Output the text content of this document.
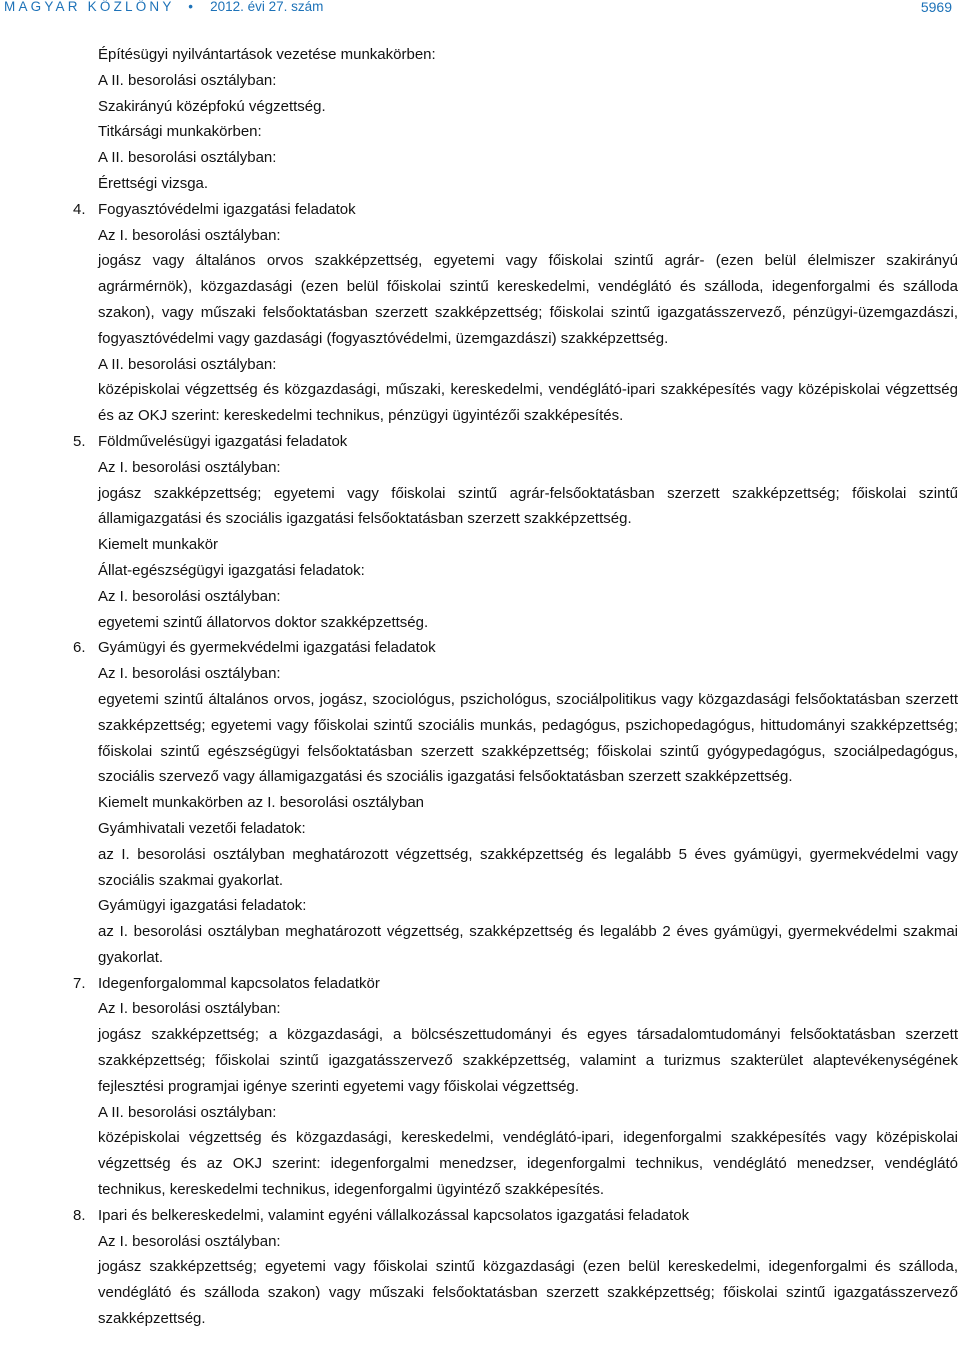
MAGYAR KÖZLÖNY  •  2012. évi 27. szám	5969

Építésügyi nyilvántartások vezetése munkakörben:

A II. besorolási osztályban:

Szakirányú középfokú végzettség.

Titkársági munkakörben:

A II. besorolási osztályban:

Érettségi vizsga.

4. Fogyasztóvédelmi igazgatási feladatok

Az I. besorolási osztályban:

jogász vagy általános orvos szakképzettség, egyetemi vagy főiskolai szintű agrár- (ezen belül élelmiszer szakirányú agrármérnök), közgazdasági (ezen belül főiskolai szintű kereskedelmi, vendéglátó és szálloda, idegenforgalmi és szálloda szakon), vagy műszaki felsőoktatásban szerzett szakképzettség; főiskolai szintű igazgatásszervező, pénzügyi-üzemgazdászi, fogyasztóvédelmi vagy gazdasági (fogyasztóvédelmi, üzemgazdászi) szakképzettség.

A II. besorolási osztályban:

középiskolai végzettség és közgazdasági, műszaki, kereskedelmi, vendéglátó-ipari szakképesítés vagy középiskolai végzettség és az OKJ szerint: kereskedelmi technikus, pénzügyi ügyintézői szakképesítés.

5. Földművelésügyi igazgatási feladatok

Az I. besorolási osztályban:

jogász szakképzettség; egyetemi vagy főiskolai szintű agrár-felsőoktatásban szerzett szakképzettség; főiskolai szintű államigazgatási és szociális igazgatási felsőoktatásban szerzett szakképzettség.

Kiemelt munkakör

Állat-egészségügyi igazgatási feladatok:

Az I. besorolási osztályban:

egyetemi szintű állatorvos doktor szakképzettség.

6. Gyámügyi és gyermekvédelmi igazgatási feladatok

Az I. besorolási osztályban:

egyetemi szintű általános orvos, jogász, szociológus, pszichológus, szociálpolitikus vagy közgazdasági felsőoktatásban szerzett szakképzettség; egyetemi vagy főiskolai szintű szociális munkás, pedagógus, pszichopedagógus, hittudományi szakképzettség; főiskolai szintű egészségügyi felsőoktatásban szerzett szakképzettség; főiskolai szintű gyógypedagógus, szociálpedagógus, szociális szervező vagy államigazgatási és szociális igazgatási felsőoktatásban szerzett szakképzettség.

Kiemelt munkakörben az I. besorolási osztályban

Gyámhivatali vezetői feladatok:

az I. besorolási osztályban meghatározott végzettség, szakképzettség és legalább 5 éves gyámügyi, gyermekvédelmi vagy szociális szakmai gyakorlat.

Gyámügyi igazgatási feladatok:

az I. besorolási osztályban meghatározott végzettség, szakképzettség és legalább 2 éves gyámügyi, gyermekvédelmi szakmai gyakorlat.

7. Idegenforgalommal kapcsolatos feladatkör

Az I. besorolási osztályban:

jogász szakképzettség; a közgazdasági, a bölcsészettudományi és egyes társadalomtudományi felsőoktatásban szerzett szakképzettség; főiskolai szintű igazgatásszervező szakképzettség, valamint a turizmus szakterület alaptevékenységének fejlesztési programjai igénye szerinti egyetemi vagy főiskolai végzettség.

A II. besorolási osztályban:

középiskolai végzettség és közgazdasági, kereskedelmi, vendéglátó-ipari, idegenforgalmi szakképesítés vagy középiskolai végzettség és az OKJ szerint: idegenforgalmi menedzser, idegenforgalmi technikus, vendéglátó menedzser, vendéglátó technikus, kereskedelmi technikus, idegenforgalmi ügyintéző szakképesítés.

8. Ipari és belkereskedelmi, valamint egyéni vállalkozással kapcsolatos igazgatási feladatok

Az I. besorolási osztályban:

jogász szakképzettség; egyetemi vagy főiskolai szintű közgazdasági (ezen belül kereskedelmi, idegenforgalmi és szálloda, vendéglátó és szálloda szakon) vagy műszaki felsőoktatásban szerzett szakképzettség; főiskolai szintű igazgatásszervező szakképzettség.
